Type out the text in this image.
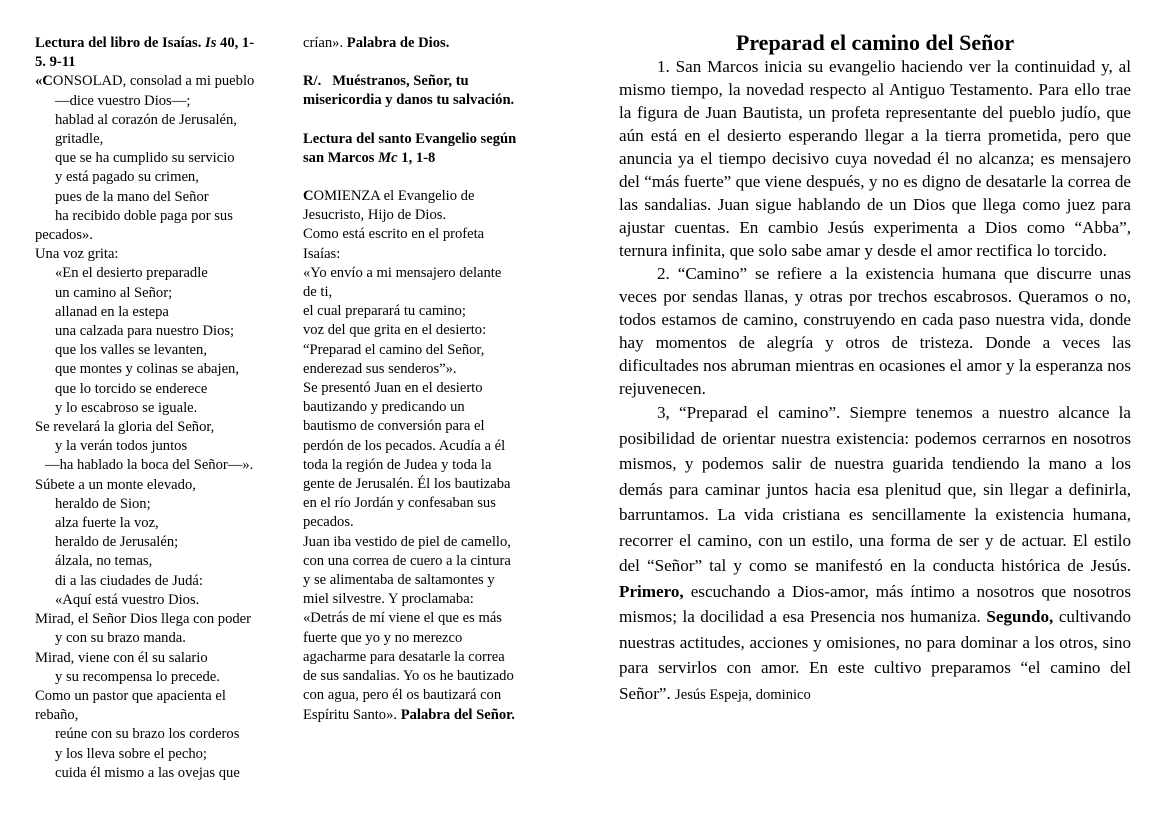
Lectura del libro de Isaías. Is 40, 1-
5. 9-11
«CONSOLAD, consolad a mi pueblo
—dice vuestro Dios—;
hablad al corazón de Jerusalén,
gritadle,
que se ha cumplido su servicio
y está pagado su crimen,
pues de la mano del Señor
ha recibido doble paga por sus
pecados».
Una voz grita:
«En el desierto preparadle
un camino al Señor;
allanad en la estepa
una calzada para nuestro Dios;
que los valles se levanten,
que montes y colinas se abajen,
que lo torcido se enderece
y lo escabroso se iguale.
Se revelará la gloria del Señor,
y la verán todos juntos
—ha hablado la boca del Señor—».
Súbete a un monte elevado,
heraldo de Sion;
alza fuerte la voz,
heraldo de Jerusalén;
álzala, no temas,
di a las ciudades de Judá:
«Aquí está vuestro Dios.
Mirad, el Señor Dios llega con poder
y con su brazo manda.
Mirad, viene con él su salario
y su recompensa lo precede.
Como un pastor que apacienta el
rebaño,
reúne con su brazo los corderos
y los lleva sobre el pecho;
cuida él mismo a las ovejas que
crían». Palabra de Dios.
R/.   Muéstranos, Señor, tu
misericordia y danos tu salvación.
Lectura del santo Evangelio según
san Marcos Mc 1, 1-8
COMIENZA el Evangelio de
Jesucristo, Hijo de Dios.
Como está escrito en el profeta
Isaías:
«Yo envío a mi mensajero delante
de ti,
el cual preparará tu camino;
voz del que grita en el desierto:
“Preparad el camino del Señor,
enderezad sus senderos”».
Se presentó Juan en el desierto
bautizando y predicando un
bautismo de conversión para el
perdón de los pecados. Acudía a él
toda la región de Judea y toda la
gente de Jerusalén. Él los bautizaba
en el río Jordán y confesaban sus
pecados.
Juan iba vestido de piel de camello,
con una correa de cuero a la cintura
y se alimentaba de saltamontes y
miel silvestre. Y proclamaba:
«Detrás de mí viene el que es más
fuerte que yo y no merezco
agacharme para desatarle la correa
de sus sandalias. Yo os he bautizado
con agua, pero él os bautizará con
Espíritu Santo». Palabra del Señor.
Preparad el camino del Señor

1. San Marcos inicia su evangelio haciendo ver la continuidad y, al mismo tiempo, la novedad respecto al Antiguo Testamento. Para ello trae la figura de Juan Bautista, un profeta representante del pueblo judío, que aún está en el desierto esperando llegar a la tierra prometida, pero que anuncia ya el tiempo decisivo cuya novedad él no alcanza; es mensajero del “más fuerte” que viene después, y no es digno de desatarle la correa de las sandalias. Juan sigue hablando de un Dios que llega como juez para ajustar cuentas. En cambio Jesús experimenta a Dios como “Abba”, ternura infinita, que solo sabe amar y desde el amor rectifica lo torcido.

2. “Camino” se refiere a la existencia humana que discurre unas veces por sendas llanas, y otras por trechos escabrosos. Queramos o no, todos estamos de camino, construyendo en cada paso nuestra vida, donde hay momentos de alegría y otros de tristeza. Donde a veces las dificultades nos abruman mientras en ocasiones el amor y la esperanza nos rejuvenecen.

3, “Preparad el camino”. Siempre tenemos a nuestro alcance la posibilidad de orientar nuestra existencia: podemos cerrarnos en nosotros mismos, y podemos salir de nuestra guarida tendiendo la mano a los demás para caminar juntos hacia esa plenitud que, sin llegar a definirla, barruntamos. La vida cristiana es sencillamente la existencia humana, recorrer el camino, con un estilo, una forma de ser y de actuar. El estilo del “Señor” tal y como se manifestó en la conducta histórica de Jesús. Primero, escuchando a Dios-amor, más íntimo a nosotros que nosotros mismos; la docilidad a esa Presencia nos humaniza. Segundo, cultivando nuestras actitudes, acciones y omisiones, no para dominar a los otros, sino para servirlos con amor. En este cultivo preparamos “el camino del Señor”. Jesús Espeja, dominico
